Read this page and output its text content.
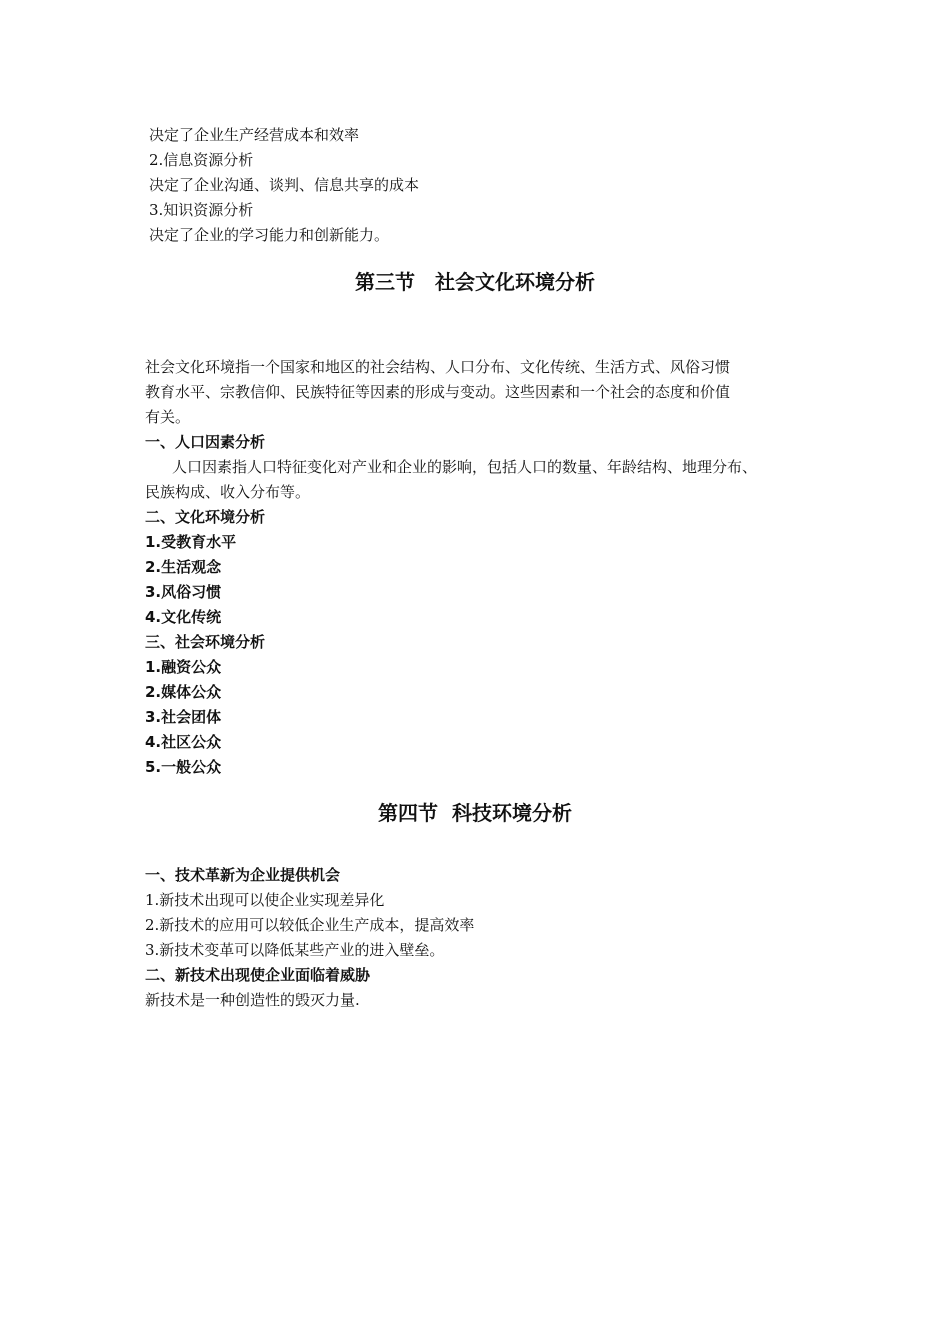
决定了企业生产经营成本和效率
2.信息资源分析
决定了企业沟通、谈判、信息共享的成本
3.知识资源分析
决定了企业的学习能力和创新能力。
第三节　社会文化环境分析
社会文化环境指一个国家和地区的社会结构、人口分布、文化传统、生活方式、风俗习惯
教育水平、宗教信仰、民族特征等因素的形成与变动。这些因素和一个社会的态度和价值
有关。
一、人口因素分析
人口因素指人口特征变化对产业和企业的影响，包括人口的数量、年龄结构、地理分布、
民族构成、收入分布等。
二、文化环境分析
1.受教育水平
2.生活观念
3.风俗习惯
4.文化传统
三、社会环境分析
1.融资公众
2.媒体公众
3.社会团体
4.社区公众
5.一般公众
第四节  科技环境分析
一、技术革新为企业提供机会
1.新技术出现可以使企业实现差异化
2.新技术的应用可以较低企业生产成本，提高效率
3.新技术变革可以降低某些产业的进入壁垒。
二、新技术出现使企业面临着威胁
新技术是一种创造性的毁灭力量.
